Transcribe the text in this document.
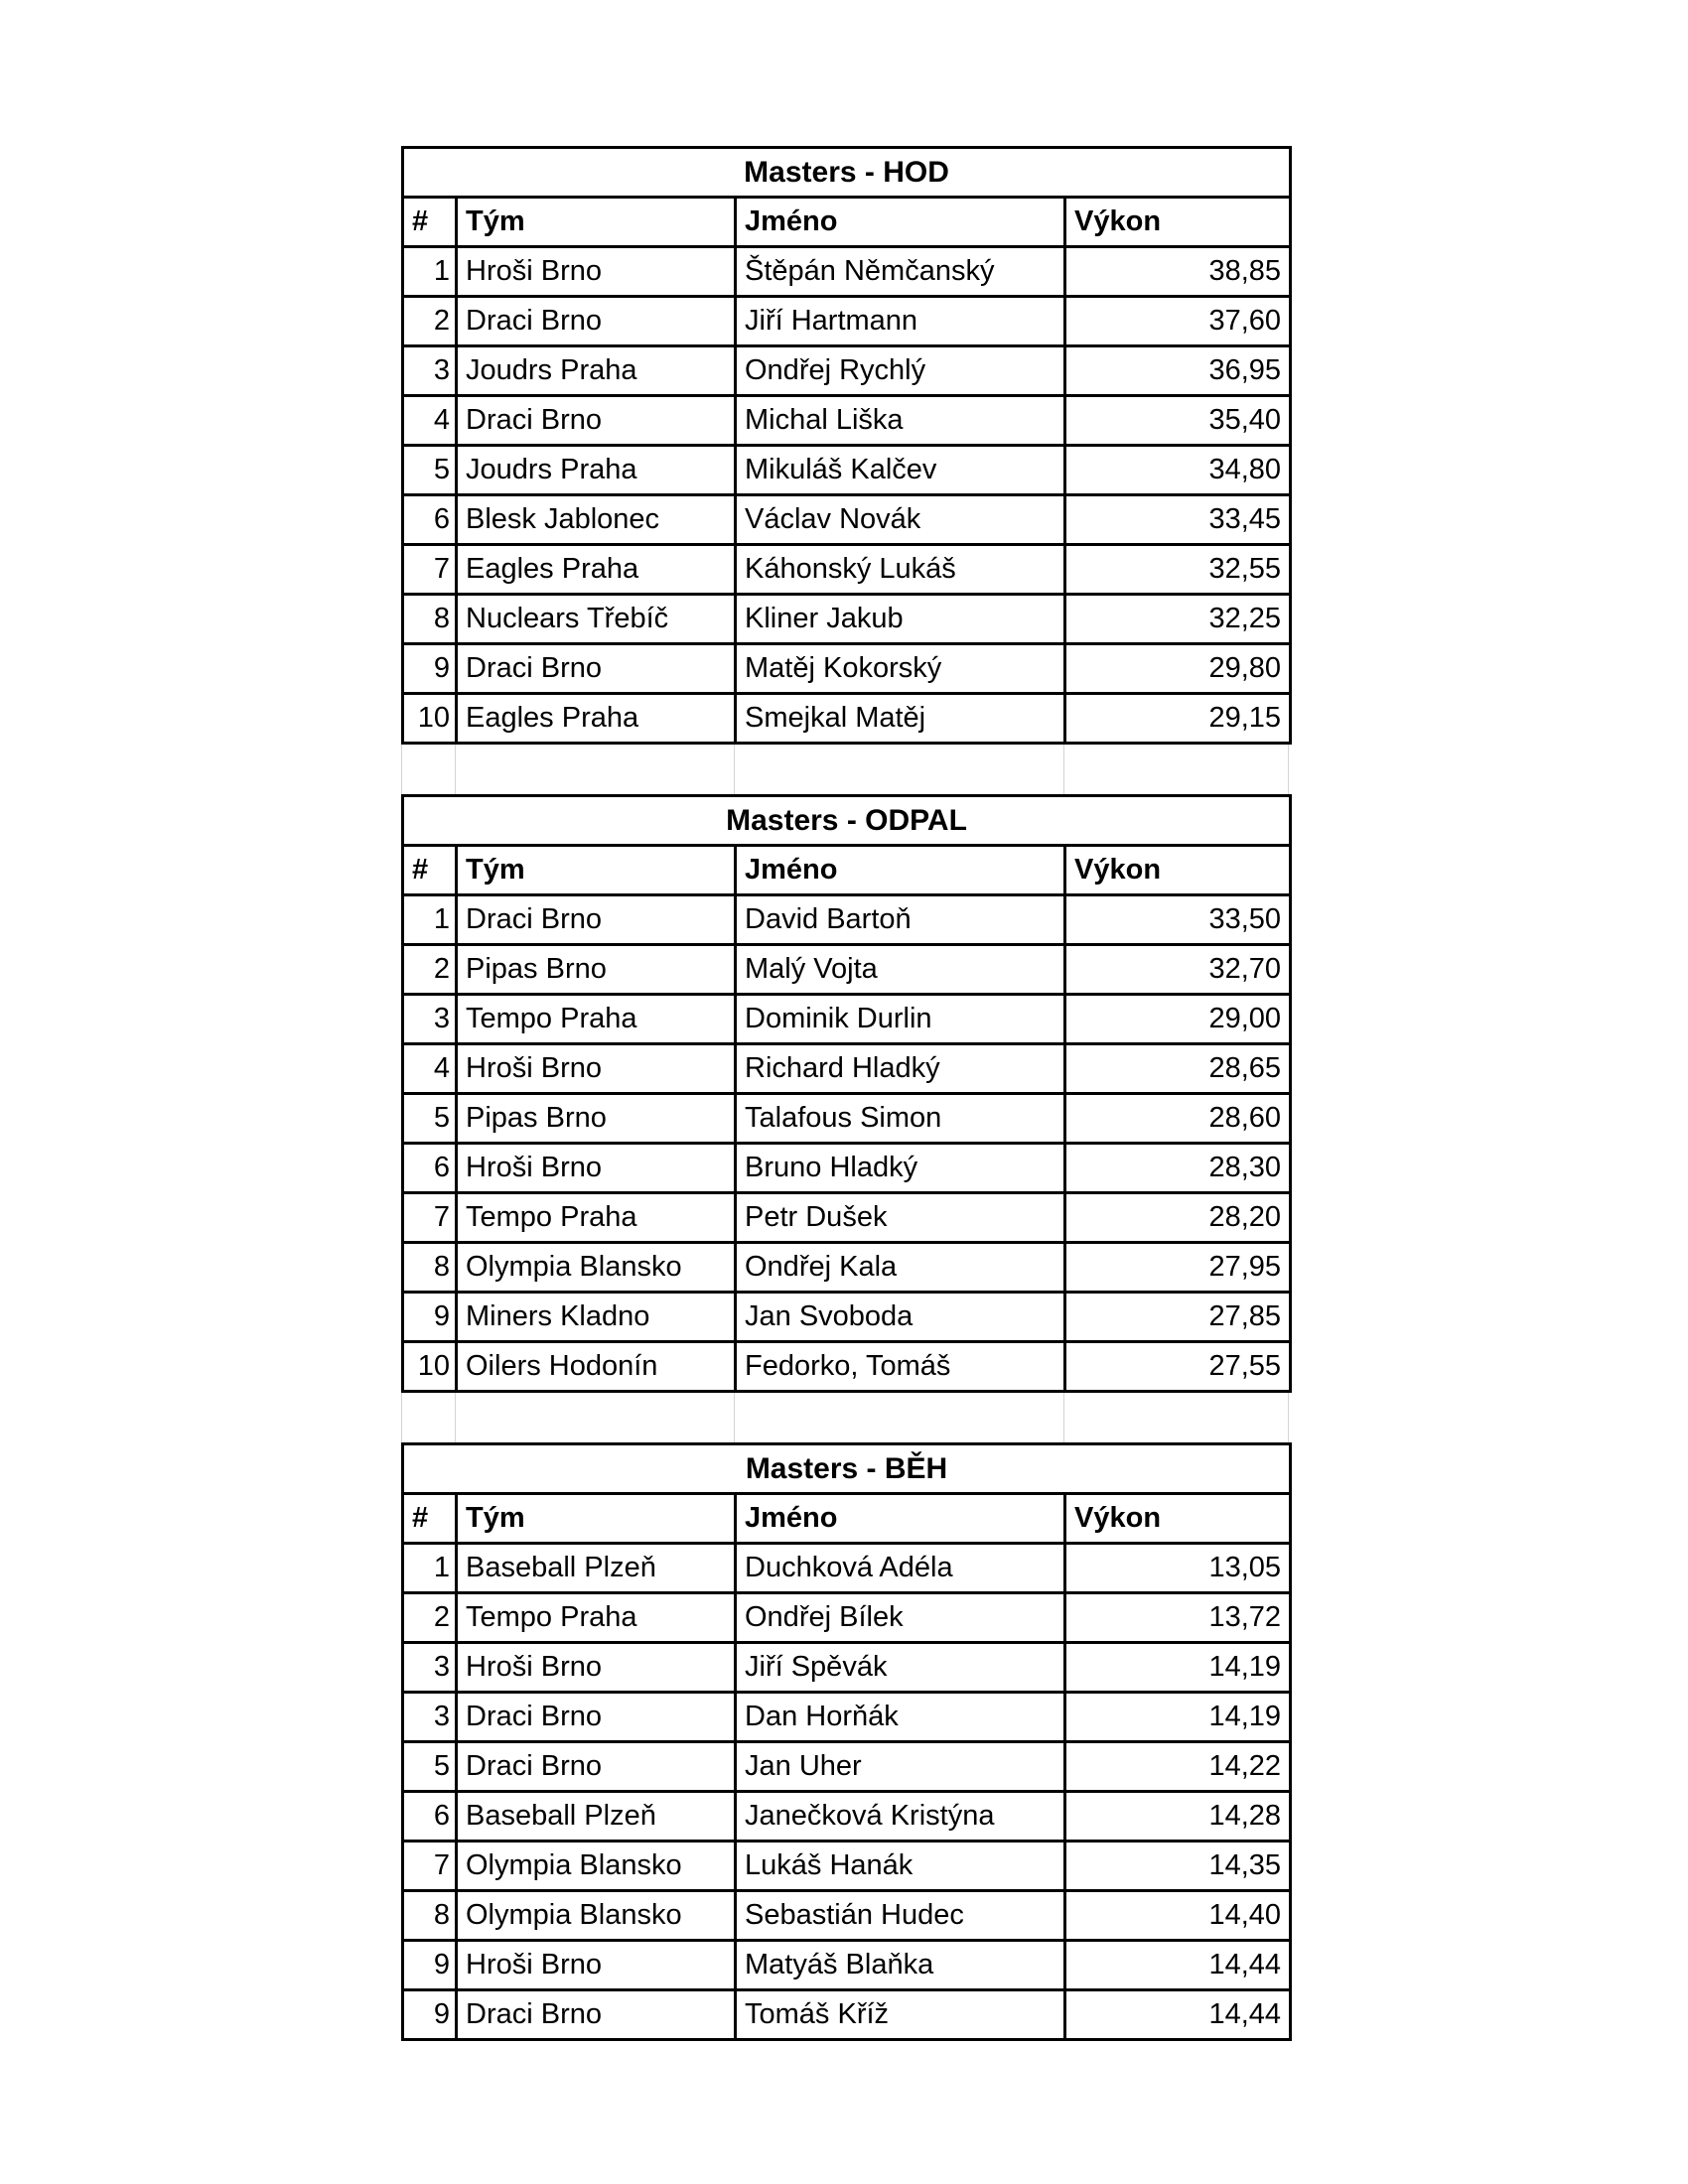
Masters - HOD			
#	Tým	Jméno	Výkon
1	Hroši Brno	Štěpán Němčanský	38,85
2	Draci Brno	Jiří Hartmann	37,60
3	Joudrs Praha	Ondřej Rychlý	36,95
4	Draci Brno	Michal Liška	35,40
5	Joudrs Praha	Mikuláš Kalčev	34,80
6	Blesk Jablonec	Václav Novák	33,45
7	Eagles Praha	Káhonský Lukáš	32,55
8	Nuclears Třebíč	Kliner Jakub	32,25
9	Draci Brno	Matěj Kokorský	29,80
10	Eagles Praha	Smejkal Matěj	29,15
Masters - ODPAL			
#	Tým	Jméno	Výkon
1	Draci Brno	David Bartoň	33,50
2	Pipas Brno	Malý Vojta	32,70
3	Tempo Praha	Dominik Durlin	29,00
4	Hroši Brno	Richard Hladký	28,65
5	Pipas Brno	Talafous Simon	28,60
6	Hroši Brno	Bruno Hladký	28,30
7	Tempo Praha	Petr Dušek	28,20
8	Olympia Blansko	Ondřej Kala	27,95
9	Miners Kladno	Jan Svoboda	27,85
10	Oilers Hodonín	Fedorko, Tomáš	27,55
Masters - BĚH			
#	Tým	Jméno	Výkon
1	Baseball Plzeň	Duchková Adéla	13,05
2	Tempo Praha	Ondřej Bílek	13,72
3	Hroši Brno	Jiří Spěvák	14,19
3	Draci Brno	Dan Horňák	14,19
5	Draci Brno	Jan Uher	14,22
6	Baseball Plzeň	Janečková Kristýna	14,28
7	Olympia Blansko	Lukáš Hanák	14,35
8	Olympia Blansko	Sebastián Hudec	14,40
9	Hroši Brno	Matyáš Blaňka	14,44
9	Draci Brno	Tomáš Kříž	14,44
